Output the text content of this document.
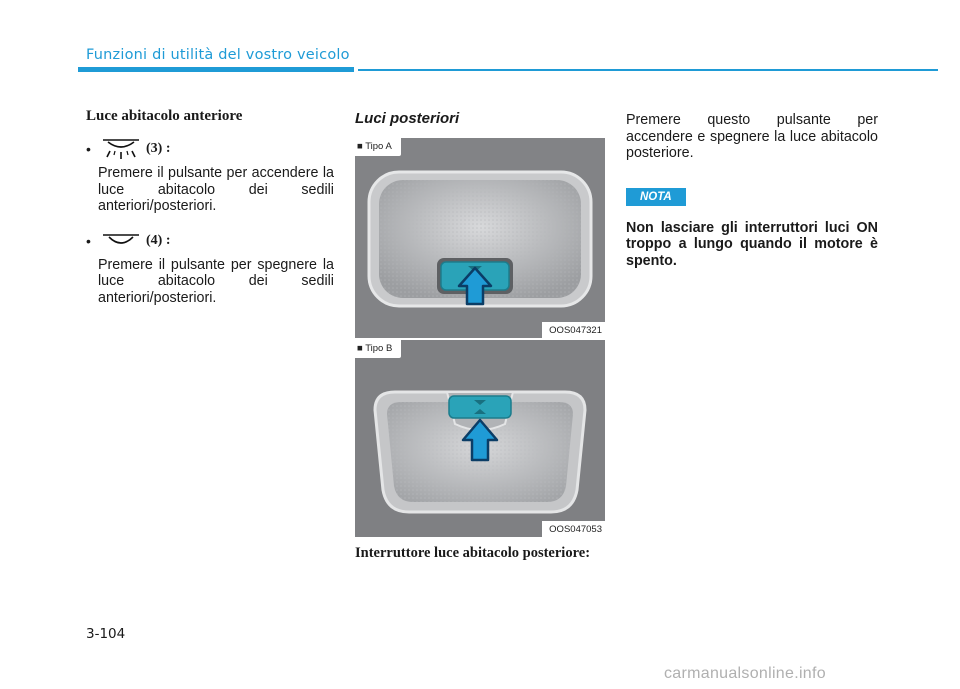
Funzioni di utilità del vostro veicolo
Luce abitacolo anteriore
•	(3) :
Premere il pulsante per accendere la luce abitacolo dei sedili anteriori/posteriori.
•	(4) :
Premere il pulsante per spegnere la luce abitacolo dei sedili anteriori/posteriori.
Luci posteriori
■ Tipo A
OOS047321
■ Tipo B
OOS047053
Interruttore luce abitacolo posteriore:

Premere questo pulsante per accendere e spegnere la luce abitacolo posteriore.

NOTA

Non lasciare gli interruttori luci ON troppo a lungo quando il motore è spento.

3-104
carmanualsonline.info
